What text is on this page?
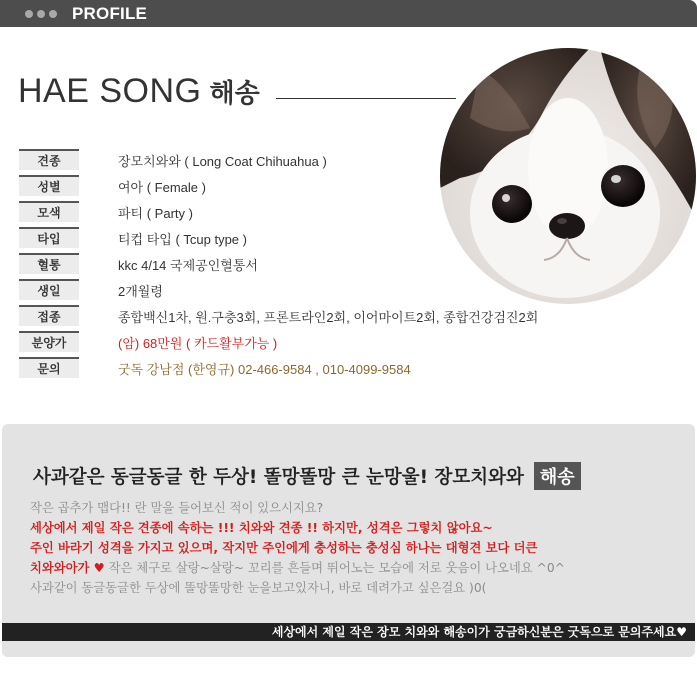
PROFILE
HAE SONG 해송
견종	장모치와와 ( Long Coat Chihuahua )
성별	여아 ( Female )
모색	파티 ( Party )
타입	티컵 타입 ( Tcup type )
혈통	kkc 4/14 국제공인혈통서
생일	2개월령
접종	종합백신1차, 원.구충3회, 프론트라인2회, 이어마이트2회, 종합건강검진2회
분양가	(암) 68만원 ( 카드활부가능 )
문의	굿독 강남점 (한영규) 02-466-9584 , 010-4099-9584
사과같은 동글동글 한 두상! 똘망똘망 큰 눈망울! 장모치와와 해송
작은 곱추가 맵다!! 란 말을 들어보신 적이 있으시지요?
세상에서 제일 작은 견종에 속하는 !!! 치와와 견종 !! 하지만, 성격은 그렇치 않아요~
주인 바라기 성격을 가지고 있으며, 작지만 주인에게 충성하는 충성심 하나는 대형견 보다 더큰
치와와아가 ♥ 작은 체구로 살랑~살랑~ 꼬리를 흔들며 뛰어노는 모습에 저로 웃음이 나오네요 ^0^
사과같이 동글동글한 두상에 똘망똘망한 눈을보고있자니, 바로 데려가고 싶은걸요 )0(
세상에서 제일 작은 장모 치와와 해송이가 궁금하신분은 굿독으로 문의주세요♥
